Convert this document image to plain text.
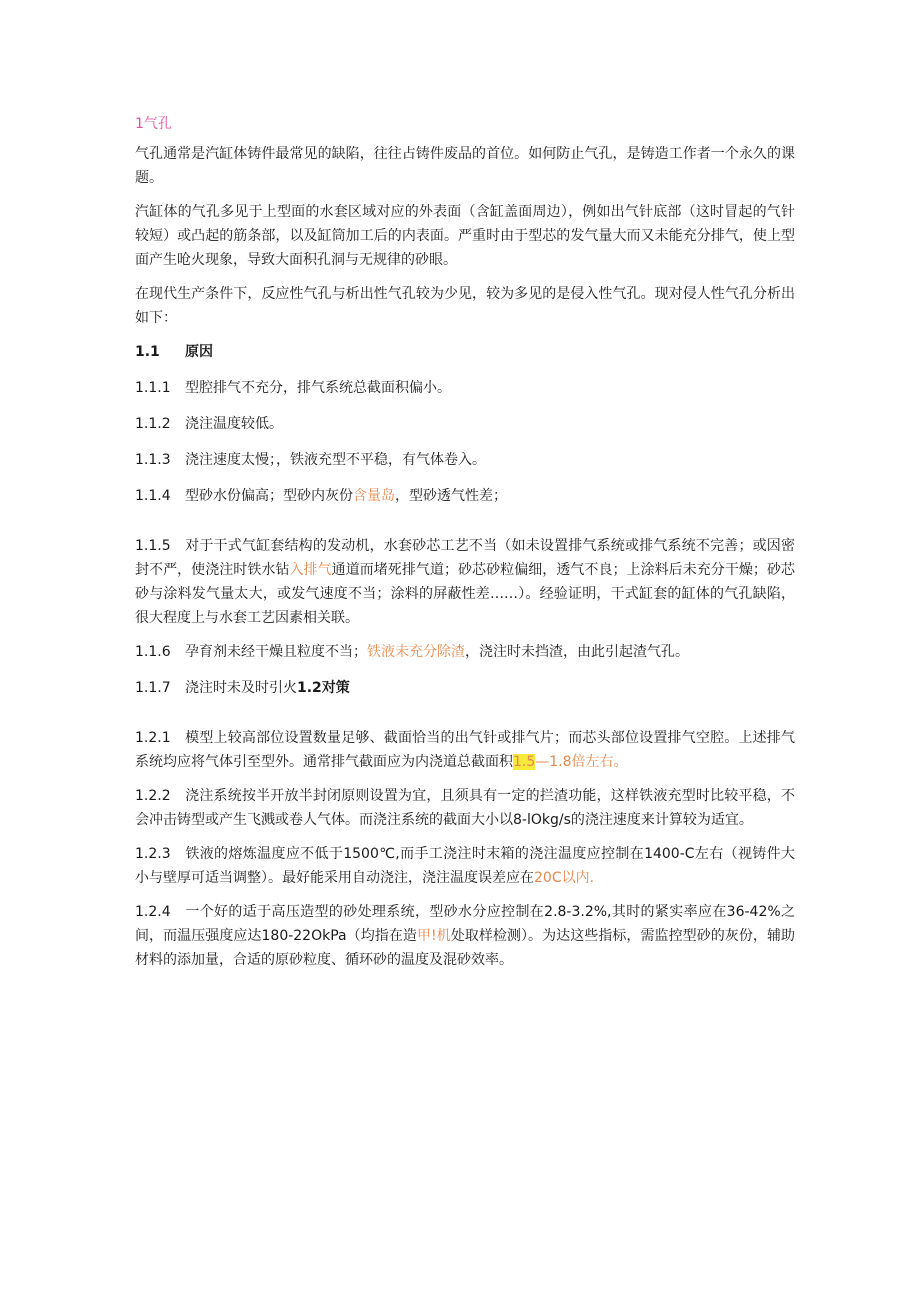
1气孔

气孔通常是汽缸体铸件最常见的缺陷，往往占铸件废品的首位。如何防止气孔，是铸造工作者一个永久的课题。

汽缸体的气孔多见于上型面的水套区域对应的外表面（含缸盖面周边），例如出气针底部（这时冒起的气针较短）或凸起的筋条部，以及缸筒加工后的内表面。严重时由于型芯的发气量大而又未能充分排气，使上型面产生呛火现象，导致大面积孔洞与无规律的砂眼。

在现代生产条件下，反应性气孔与析出性气孔较为少见，较为多见的是侵入性气孔。现对侵人性气孔分析出如下：

1.1 原因

1.1.1 型腔排气不充分，排气系统总截面积偏小。

1.1.2 浇注温度较低。

1.1.3 浇注速度太慢；，铁液充型不平稳，有气体卷入。

1.1.4 型砂水份偏高；型砂内灰份含量岛，型砂透气性差；

1.1.5 对于干式气缸套结构的发动机，水套砂芯工艺不当（如未设置排气系统或排气系统不完善；或因密封不严，使浇注时铁水钻入排气通道而堵死排气道；砂芯砂粒偏细，透气不良；上涂料后未充分干燥；砂芯砂与涂料发气量太大，或发气速度不当；涂料的屏蔽性差……）。经验证明，干式缸套的缸体的气孔缺陷，很大程度上与水套工艺因素相关联。

1.1.6 孕育剂未经干燥且粒度不当；铁液未充分除渣，浇注时未挡渣，由此引起渣气孔。

1.1.7 浇注时未及时引火1.2对策

1.2.1 模型上较高部位设置数量足够、截面恰当的出气针或排气片；而芯头部位设置排气空腔。上述排气系统均应将气体引至型外。通常排气截面应为内浇道总截面积1.5—1.8倍左右。

1.2.2 浇注系统按半开放半封闭原则设置为宜，且须具有一定的拦渣功能，这样铁液充型时比较平稳，不会冲击铸型或产生飞溅或卷人气体。而浇注系统的截面大小以8-lOkg/s的浇注速度来计算较为适宜。

1.2.3 铁液的熔炼温度应不低于1500℃,而手工浇注时末箱的浇注温度应控制在1400-C左右（视铸件大小与壁厚可适当调整）。最好能采用自动浇注，浇注温度误差应在20C以内.

1.2.4 一个好的适于高压造型的砂处理系统，型砂水分应控制在2.8-3.2%,其时的紧实率应在36-42%之间，而温压强度应达180-22OkPa（均指在造甲!机处取样检测）。为达这些指标，需监控型砂的灰份，辅助材料的添加量，合适的原砂粒度、循环砂的温度及混砂效率。
